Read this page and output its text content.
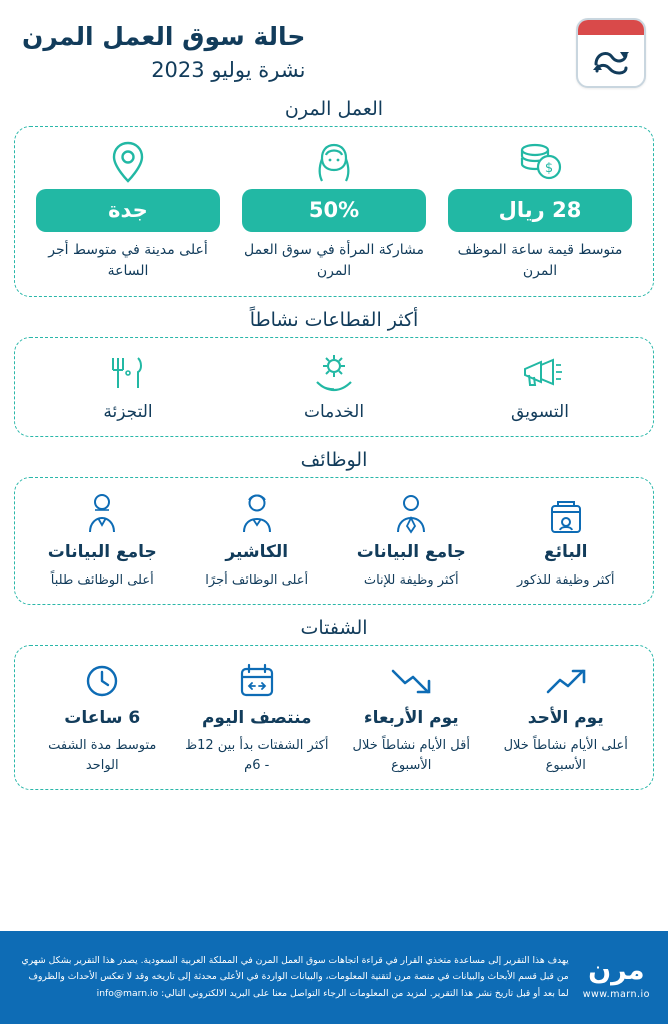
حالة سوق العمل المرن
نشرة يوليو 2023
العمل المرن
$
28 ريال
متوسط قيمة ساعة الموظف المرن
50%
مشاركة المرأة في سوق العمل المرن
جدة
أعلى مدينة في متوسط أجر الساعة
أكثر القطاعات نشاطاً
التسويق
الخدمات
التجزئة
الوظائف
البائع
أكثر وظيفة للذكور
جامع البيانات
أكثر وظيفة للإناث
الكاشير
أعلى الوظائف أجرًا
جامع البيانات
أعلى الوظائف طلباً
الشفتات
يوم الأحد
أعلى الأيام نشاطاً خلال الأسبوع
يوم الأربعاء
أقل الأيام نشاطاً خلال الأسبوع
منتصف اليوم
أكثر الشفتات بدأ بين 12ظ - 6م
6 ساعات
متوسط مدة الشفت الواحد
مرن
www.marn.io
يهدف هذا التقرير إلى مساعدة متخذي القرار في قراءة اتجاهات سوق العمل المرن في المملكة العربية السعودية. يصدر هذا التقرير بشكل شهري من قبل قسم الأبحاث والبيانات في منصة مرن لتقنية المعلومات، والبيانات الواردة في الأعلى محدثة إلى تاريخه وقد لا تعكس الأحداث والظروف لما بعد أو قبل تاريخ نشر هذا التقرير. لمزيد من المعلومات الرجاء التواصل معنا على البريد الالكتروني التالي: info@marn.io
